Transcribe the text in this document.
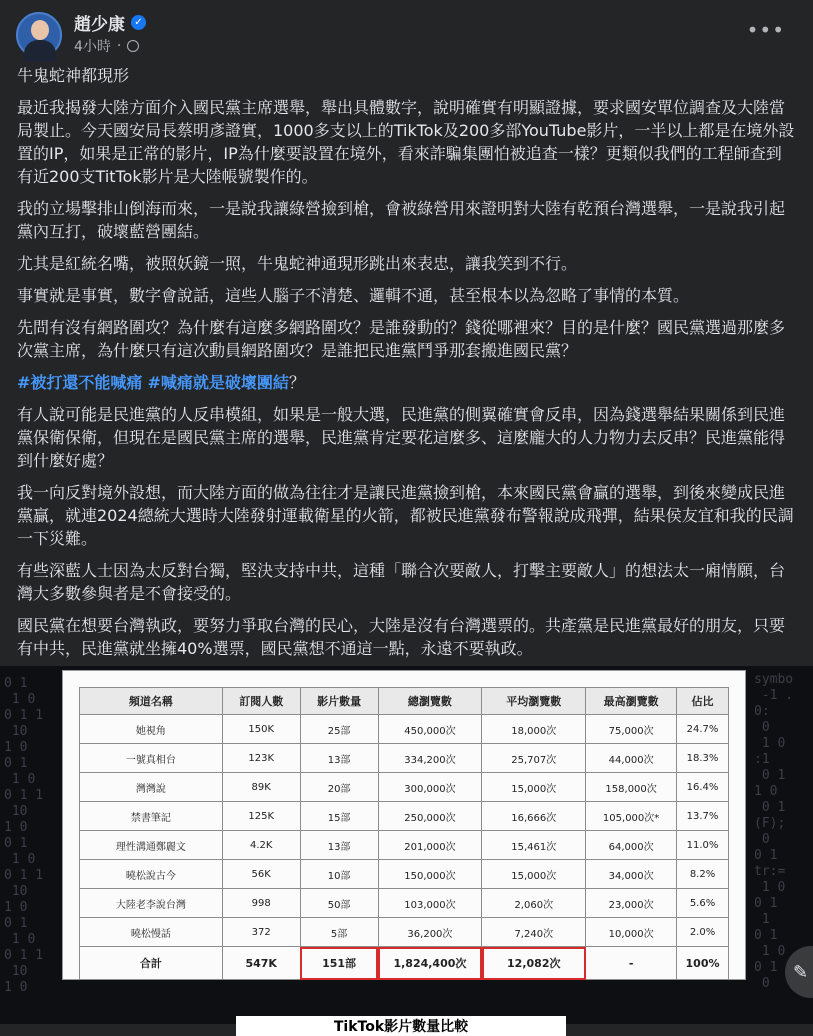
趙少康 ✓
4小時 ·
•••

牛鬼蛇神都現形

最近我揭發大陸方面介入國民黨主席選舉，舉出具體數字，說明確實有明顯證據，要求國安單位調查及大陸當局製止。今天國安局長蔡明彥證實，1000多支以上的TikTok及200多部YouTube影片，一半以上都是在境外設置的IP，如果是正常的影片，IP為什麼要設置在境外，看來詐騙集團怕被追查一樣？更類似我們的工程師查到有近200支TitTok影片是大陸帳號製作的。

我的立場擊排山倒海而來，一是說我讓綠營撿到槍，會被綠營用來證明對大陸有乾預台灣選舉，一是說我引起黨內互打，破壞藍營團結。

尤其是紅統名嘴，被照妖鏡一照，牛鬼蛇神通現形跳出來表忠，讓我笑到不行。

事實就是事實，數字會說話，這些人腦子不清楚、邏輯不通，甚至根本以為忽略了事情的本質。

先問有沒有網路圍攻？為什麼有這麼多網路圍攻？是誰發動的？錢從哪裡來？目的是什麼？國民黨選過那麼多次黨主席，為什麼只有這次動員網路圍攻？是誰把民進黨鬥爭那套搬進國民黨？

#被打還不能喊痛 #喊痛就是破壞團結？

有人說可能是民進黨的人反串模組，如果是一般大選，民進黨的側翼確實會反串，因為錢選舉結果關係到民進黨保衛保衛，但現在是國民黨主席的選舉，民進黨肯定要花這麼多、這麼龐大的人力物力去反串？民進黨能得到什麼好處？

我一向反對境外設想，而大陸方面的做為往往才是讓民進黨撿到槍，本來國民黨會贏的選舉，到後來變成民進黨贏，就連2024總統大選時大陸發射運載衛星的火箭，都被民進黨發布警報說成飛彈，結果侯友宜和我的民調一下災難。

有些深藍人士因為太反對台獨，堅決支持中共，這種「聯合次要敵人，打擊主要敵人」的想法太一廂情願，台灣大多數參與者是不會接受的。

國民黨在想要台灣執政，要努力爭取台灣的民心，大陸是沒有台灣選票的。共產黨是民進黨最好的朋友，只要有中共，民進黨就坐擁40%選票，國民黨想不通這一點，永遠不要執政。

0 1
1 0
0 1 1
10
1 0
0 1
1 0
0 1 1
10
1 0
0 1
1 0
0 1 1
10
1 0
0 1
1 0
0 1 1
10
1 0
symbo
-1 .
0:
0
1 0
:1
0 1
1 0
0 1
(F);
0
0 1
tr:=
1 0
0 1
1
0 1
1 0
0 1
0
頻道名稱	訂閱人數	影片數量	總瀏覽數	平均瀏覽數	最高瀏覽數	佔比
她視角	150K	25部	450,000次	18,000次	75,000次	24.7%
一號真相台	123K	13部	334,200次	25,707次	44,000次	18.3%
灣灣說	89K	20部	300,000次	15,000次	158,000次	16.4%
禁書筆記	125K	15部	250,000次	16,666次	105,000次*	13.7%
理性溝通鄭麗文	4.2K	13部	201,000次	15,461次	64,000次	11.0%
曉松說古今	56K	10部	150,000次	15,000次	34,000次	8.2%
大陸老李說台灣	998	50部	103,000次	2,060次	23,000次	5.6%
曉松慢話	372	5部	36,200次	7,240次	10,000次	2.0%
合計	547K	151部	1,824,400次	12,082次	-	100%
TikTok影片數量比較
✎
